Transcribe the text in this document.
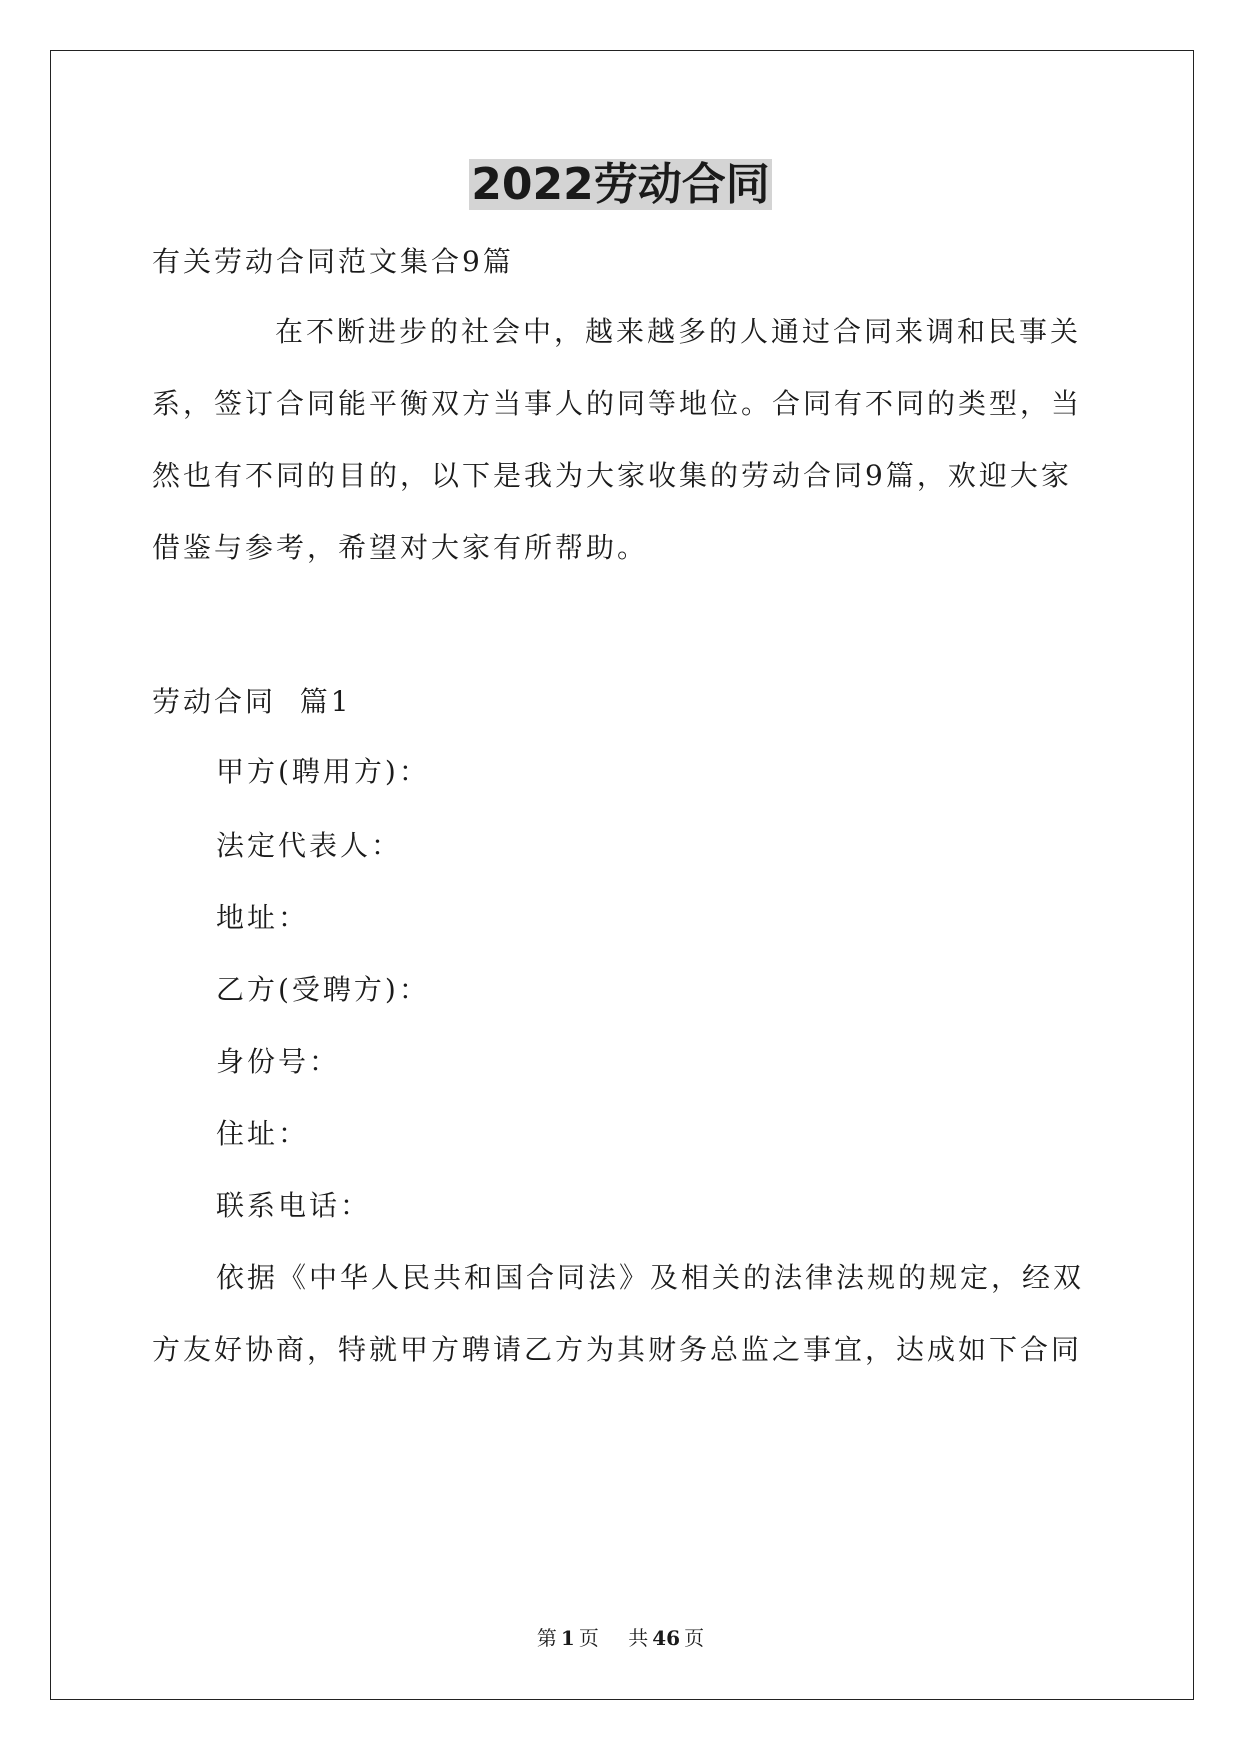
2022劳动合同
有关劳动合同范文集合9篇
在不断进步的社会中，越来越多的人通过合同来调和民事关
系，签订合同能平衡双方当事人的同等地位。合同有不同的类型，当
然也有不同的目的，以下是我为大家收集的劳动合同9篇，欢迎大家
借鉴与参考，希望对大家有所帮助。
劳动合同  篇1
甲方(聘用方)：
法定代表人：
地址：
乙方(受聘方)：
身份号：
住址：
联系电话：
依据《中华人民共和国合同法》及相关的法律法规的规定，经双
方友好协商，特就甲方聘请乙方为其财务总监之事宜，达成如下合同
第 1 页 共 46 页
